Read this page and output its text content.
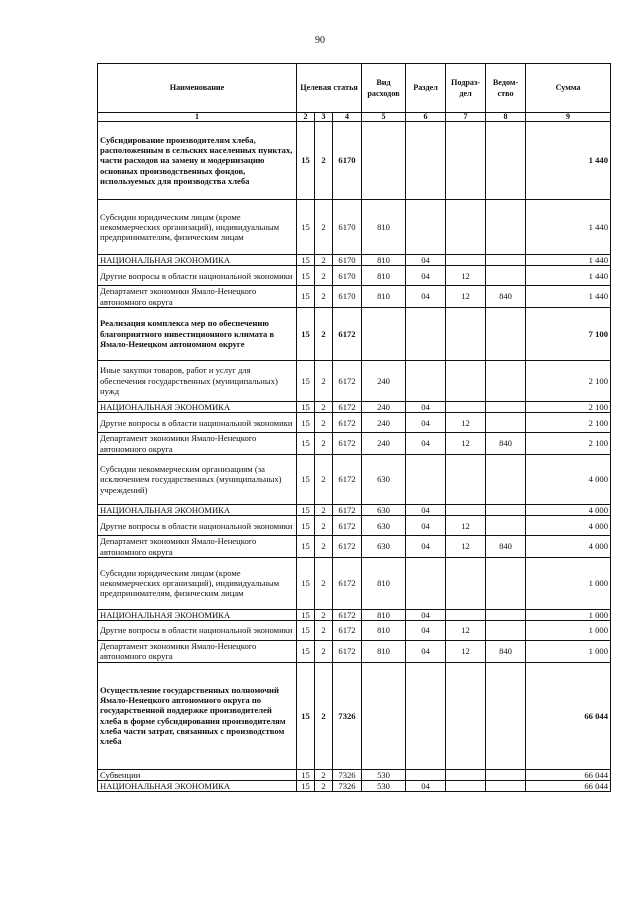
90
Наименование	Целевая статья			Вид расходов	Раздел	Подраз-дел	Ведом-ство	Сумма
1	2	3	4	5	6	7	8	9
Субсидирование производителям хлеба, расположенным в сельских населенных пунктах, части расходов на замену и модернизацию основных производственных фондов, используемых для производства хлеба	15	2	6170					1 440
Субсидии юридическим лицам (кроме некоммерческих организаций), индивидуальным предпринимателям, физическим лицам	15	2	6170	810				1 440
НАЦИОНАЛЬНАЯ ЭКОНОМИКА	15	2	6170	810	04			1 440
Другие вопросы в области национальной экономики	15	2	6170	810	04	12		1 440
Департамент экономики Ямало-Ненецкого автономного округа	15	2	6170	810	04	12	840	1 440
Реализация комплекса мер по обеспечению благоприятного инвестиционного климата в Ямало-Ненецком автономном округе	15	2	6172					7 100
Иные закупки товаров, работ и услуг для обеспечения государственных (муниципальных) нужд	15	2	6172	240				2 100
НАЦИОНАЛЬНАЯ ЭКОНОМИКА	15	2	6172	240	04			2 100
Другие вопросы в области национальной экономики	15	2	6172	240	04	12		2 100
Департамент экономики Ямало-Ненецкого автономного округа	15	2	6172	240	04	12	840	2 100
Субсидии некоммерческим организациям (за исключением государственных (муниципальных) учреждений)	15	2	6172	630				4 000
НАЦИОНАЛЬНАЯ ЭКОНОМИКА	15	2	6172	630	04			4 000
Другие вопросы в области национальной экономики	15	2	6172	630	04	12		4 000
Департамент экономики Ямало-Ненецкого автономного округа	15	2	6172	630	04	12	840	4 000
Субсидии юридическим лицам (кроме некоммерческих организаций), индивидуальным предпринимателям, физическим лицам	15	2	6172	810				1 000
НАЦИОНАЛЬНАЯ ЭКОНОМИКА	15	2	6172	810	04			1 000
Другие вопросы в области национальной экономики	15	2	6172	810	04	12		1 000
Департамент экономики Ямало-Ненецкого автономного округа	15	2	6172	810	04	12	840	1 000
Осуществление государственных полномочий Ямало-Ненецкого автономного округа по государственной поддержке производителей хлеба в форме субсидирования производителям хлеба части затрат, связанных с производством хлеба	15	2	7326					66 044
Субвенции	15	2	7326	530				66 044
НАЦИОНАЛЬНАЯ ЭКОНОМИКА	15	2	7326	530	04			66 044
